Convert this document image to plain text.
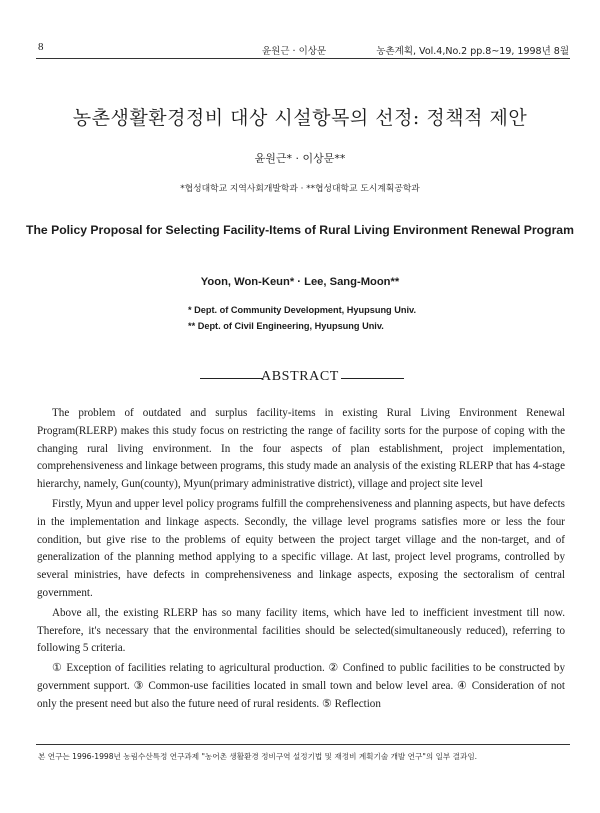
8	윤원근 · 이상문	농촌계획, Vol.4,No.2 pp.8~19, 1998년 8월
농촌생활환경정비 대상 시설항목의 선정: 정책적 제안
윤원근* · 이상문**
*협성대학교 지역사회개발학과 · **협성대학교 도시계획공학과
The Policy Proposal for Selecting Facility-Items of Rural Living Environment Renewal Program
Yoon, Won-Keun* · Lee, Sang-Moon**
* Dept. of Community Development, Hyupsung Univ.
** Dept. of Civil Engineering, Hyupsung Univ.
ABSTRACT

The problem of outdated and surplus facility-items in existing Rural Living Environment Renewal Program(RLERP) makes this study focus on restricting the range of facility sorts for the purpose of coping with the changing rural living environment. In the four aspects of plan establishment, project implementation, comprehensiveness and linkage between programs, this study made an analysis of the existing RLERP that has 4-stage hierarchy, namely, Gun(county), Myun(primary administrative district), village and project site level

Firstly, Myun and upper level policy programs fulfill the comprehensiveness and planning aspects, but have defects in the implementation and linkage aspects. Secondly, the village level programs satisfies more or less the four condition, but give rise to the problems of equity between the project target village and the non-target, and of generalization of the planning method applying to a specific village. At last, project level programs, controlled by several ministries, have defects in comprehensiveness and linkage aspects, exposing the sectoralism of central government.

Above all, the existing RLERP has so many facility items, which have led to inefficient investment till now. Therefore, it's necessary that the environmental facilities should be selected(simultaneously reduced), referring to following 5 criteria.

① Exception of facilities relating to agricultural production. ② Confined to public facilities to be constructed by government support. ③ Common-use facilities located in small town and below level area. ④ Consideration of not only the present need but also the future need of rural residents. ⑤ Reflection

본 연구는 1996-1998년 농림수산특정 연구과제 "농어촌 생활환경 정비구역 설정기법 및 재정비 계획기술 개발 연구"의 일부 결과임.
